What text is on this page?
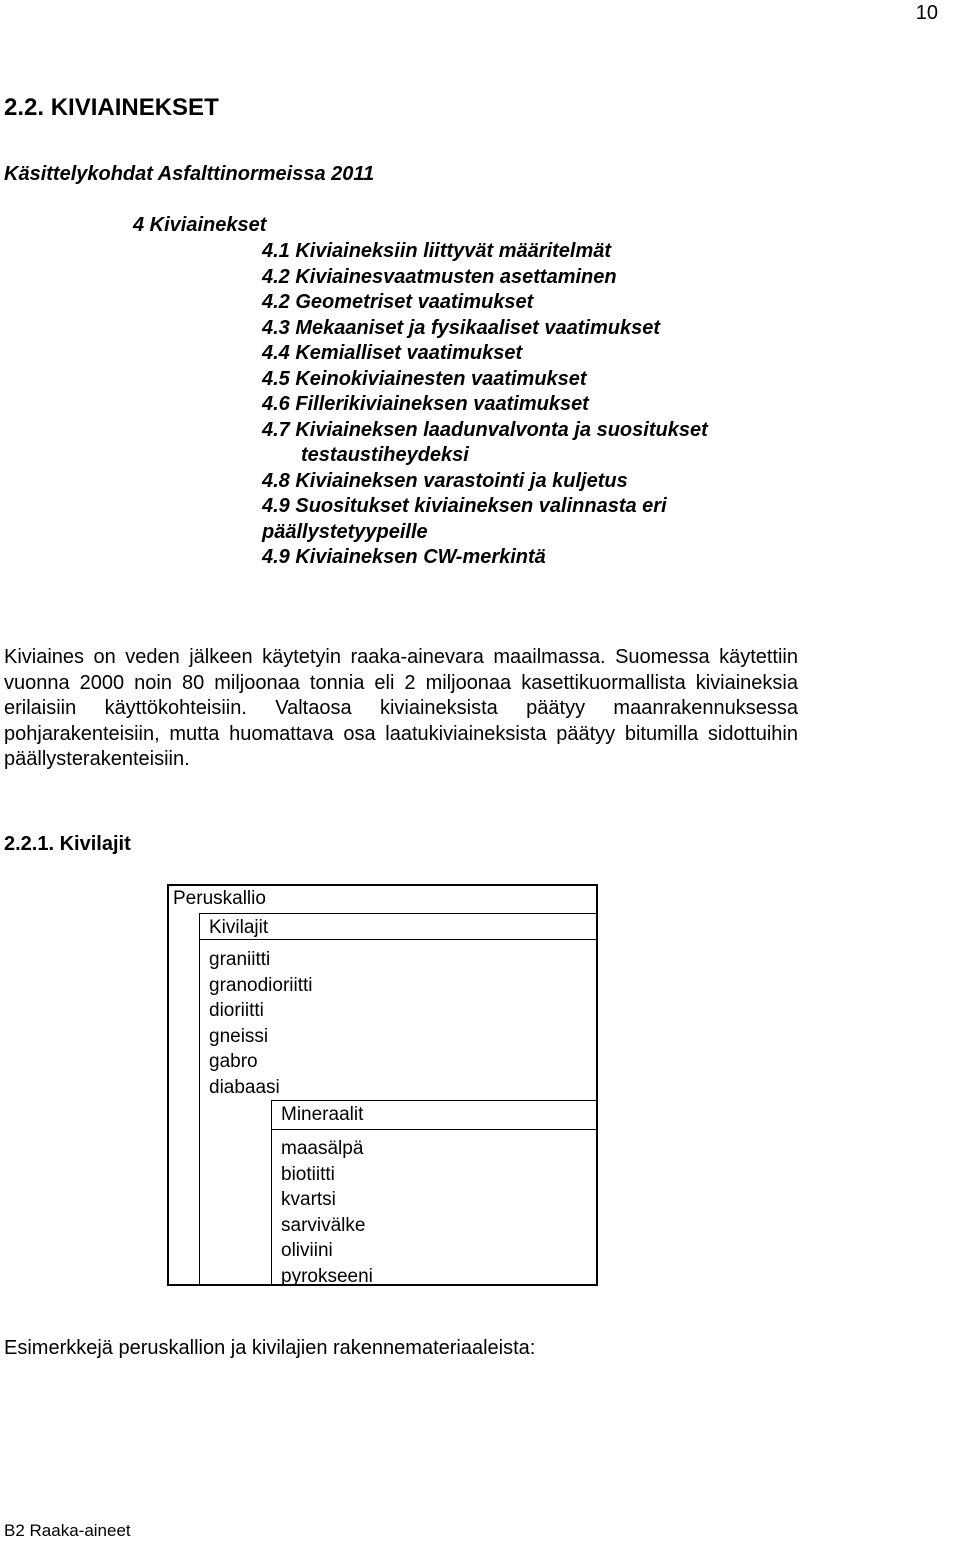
10
2.2. KIVIAINEKSET
Käsittelykohdat Asfalttinormeissa 2011
4 Kiviainekset
4.1 Kiviaineksiin liittyvät määritelmät
4.2 Kiviainesvaatmusten asettaminen
4.2 Geometriset vaatimukset
4.3 Mekaaniset ja fysikaaliset vaatimukset
4.4 Kemialliset vaatimukset
4.5 Keinokiviainesten vaatimukset
4.6 Fillerikiviaineksen vaatimukset
4.7 Kiviaineksen laadunvalvonta ja suositukset
testaustiheydeksi
4.8 Kiviaineksen varastointi ja kuljetus
4.9 Suositukset kiviaineksen valinnasta eri
päällystetyypeille
4.9 Kiviaineksen CW-merkintä

Kiviaines on veden jälkeen käytetyin raaka-ainevara maailmassa. Suomessa käytettiin vuonna 2000 noin 80 miljoonaa tonnia eli 2 miljoonaa kasettikuormallista kiviaineksia erilaisiin käyttökohteisiin. Valtaosa kiviaineksista päätyy maanrakennuksessa pohjarakenteisiin, mutta huomattava osa laatukiviaineksista päätyy bitumilla sidottuihin päällysterakenteisiin.

2.2.1. Kivilajit
Peruskallio
Kivilajit
graniitti
granodioriitti
dioriitti
gneissi
gabro
diabaasi
Mineraalit
maasälpä
biotiitti
kvartsi
sarvivälke
oliviini
pyrokseeni
Esimerkkejä peruskallion ja kivilajien rakennemateriaaleista:
B2 Raaka-aineet
